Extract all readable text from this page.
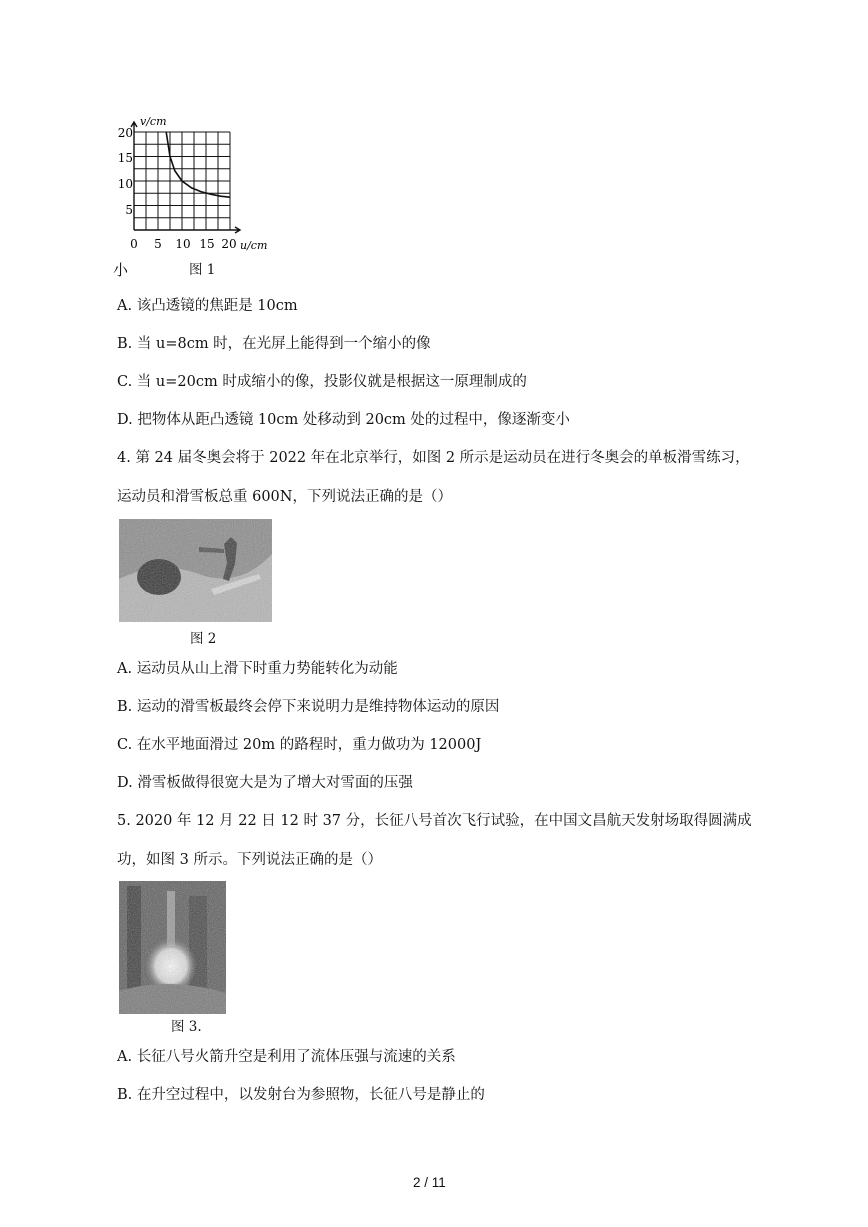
v/cm
u/cm
20
15
10
5
0 5 10 15 20
小	图 1
A. 该凸透镜的焦距是 10cm
B. 当 u=8cm 时，在光屏上能得到一个缩小的像
C. 当 u=20cm 时成缩小的像，投影仪就是根据这一原理制成的
D. 把物体从距凸透镜 10cm 处移动到 20cm 处的过程中，像逐渐变小
4. 第 24 届冬奥会将于 2022 年在北京举行，如图 2 所示是运动员在进行冬奥会的单板滑雪练习，
运动员和滑雪板总重 600N，下列说法正确的是（）
图 2
A. 运动员从山上滑下时重力势能转化为动能
B. 运动的滑雪板最终会停下来说明力是维持物体运动的原因
C. 在水平地面滑过 20m 的路程时，重力做功为 12000J
D. 滑雪板做得很宽大是为了增大对雪面的压强
5. 2020 年 12 月 22 日 12 时 37 分，长征八号首次飞行试验，在中国文昌航天发射场取得圆满成
功，如图 3 所示。下列说法正确的是（）
图 3.
A. 长征八号火箭升空是利用了流体压强与流速的关系
B. 在升空过程中，以发射台为参照物，长征八号是静止的
2 / 11
